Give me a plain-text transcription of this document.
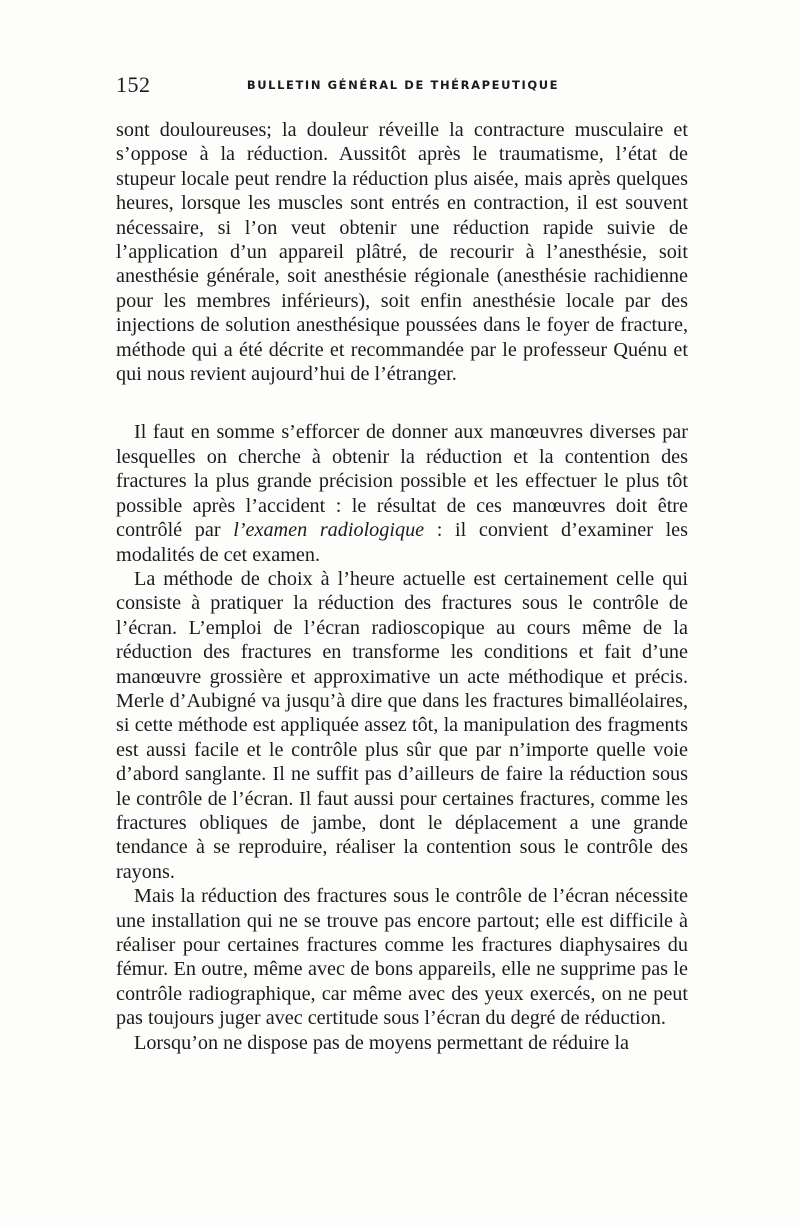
152	BULLETIN GÉNÉRAL DE THÉRAPEUTIQUE

sont douloureuses; la douleur réveille la contracture musculaire et s’oppose à la réduction. Aussitôt après le traumatisme, l’état de stupeur locale peut rendre la réduction plus aisée, mais après quelques heures, lorsque les muscles sont entrés en contraction, il est souvent nécessaire, si l’on veut obtenir une réduction rapide suivie de l’application d’un appareil plâtré, de recourir à l’anesthésie, soit anesthésie générale, soit anesthésie régionale (anesthésie rachidienne pour les membres inférieurs), soit enfin anesthésie locale par des injections de solution anesthésique poussées dans le foyer de fracture, méthode qui a été décrite et recommandée par le professeur Quénu et qui nous revient aujourd’hui de l’étranger.

Il faut en somme s’efforcer de donner aux manœuvres diverses par lesquelles on cherche à obtenir la réduction et la contention des fractures la plus grande précision possible et les effectuer le plus tôt possible après l’accident : le résultat de ces manœuvres doit être contrôlé par l’examen radiologique : il convient d’examiner les modalités de cet examen.

La méthode de choix à l’heure actuelle est certainement celle qui consiste à pratiquer la réduction des fractures sous le contrôle de l’écran. L’emploi de l’écran radioscopique au cours même de la réduction des fractures en transforme les conditions et fait d’une manœuvre grossière et approximative un acte méthodique et précis. Merle d’Aubigné va jusqu’à dire que dans les fractures bimalléolaires, si cette méthode est appliquée assez tôt, la manipulation des fragments est aussi facile et le contrôle plus sûr que par n’importe quelle voie d’abord sanglante. Il ne suffit pas d’ailleurs de faire la réduction sous le contrôle de l’écran. Il faut aussi pour certaines fractures, comme les fractures obliques de jambe, dont le déplacement a une grande tendance à se reproduire, réaliser la contention sous le contrôle des rayons.

Mais la réduction des fractures sous le contrôle de l’écran nécessite une installation qui ne se trouve pas encore partout; elle est difficile à réaliser pour certaines fractures comme les fractures diaphysaires du fémur. En outre, même avec de bons appareils, elle ne supprime pas le contrôle radiographique, car même avec des yeux exercés, on ne peut pas toujours juger avec certitude sous l’écran du degré de réduction.

Lorsqu’on ne dispose pas de moyens permettant de réduire la
